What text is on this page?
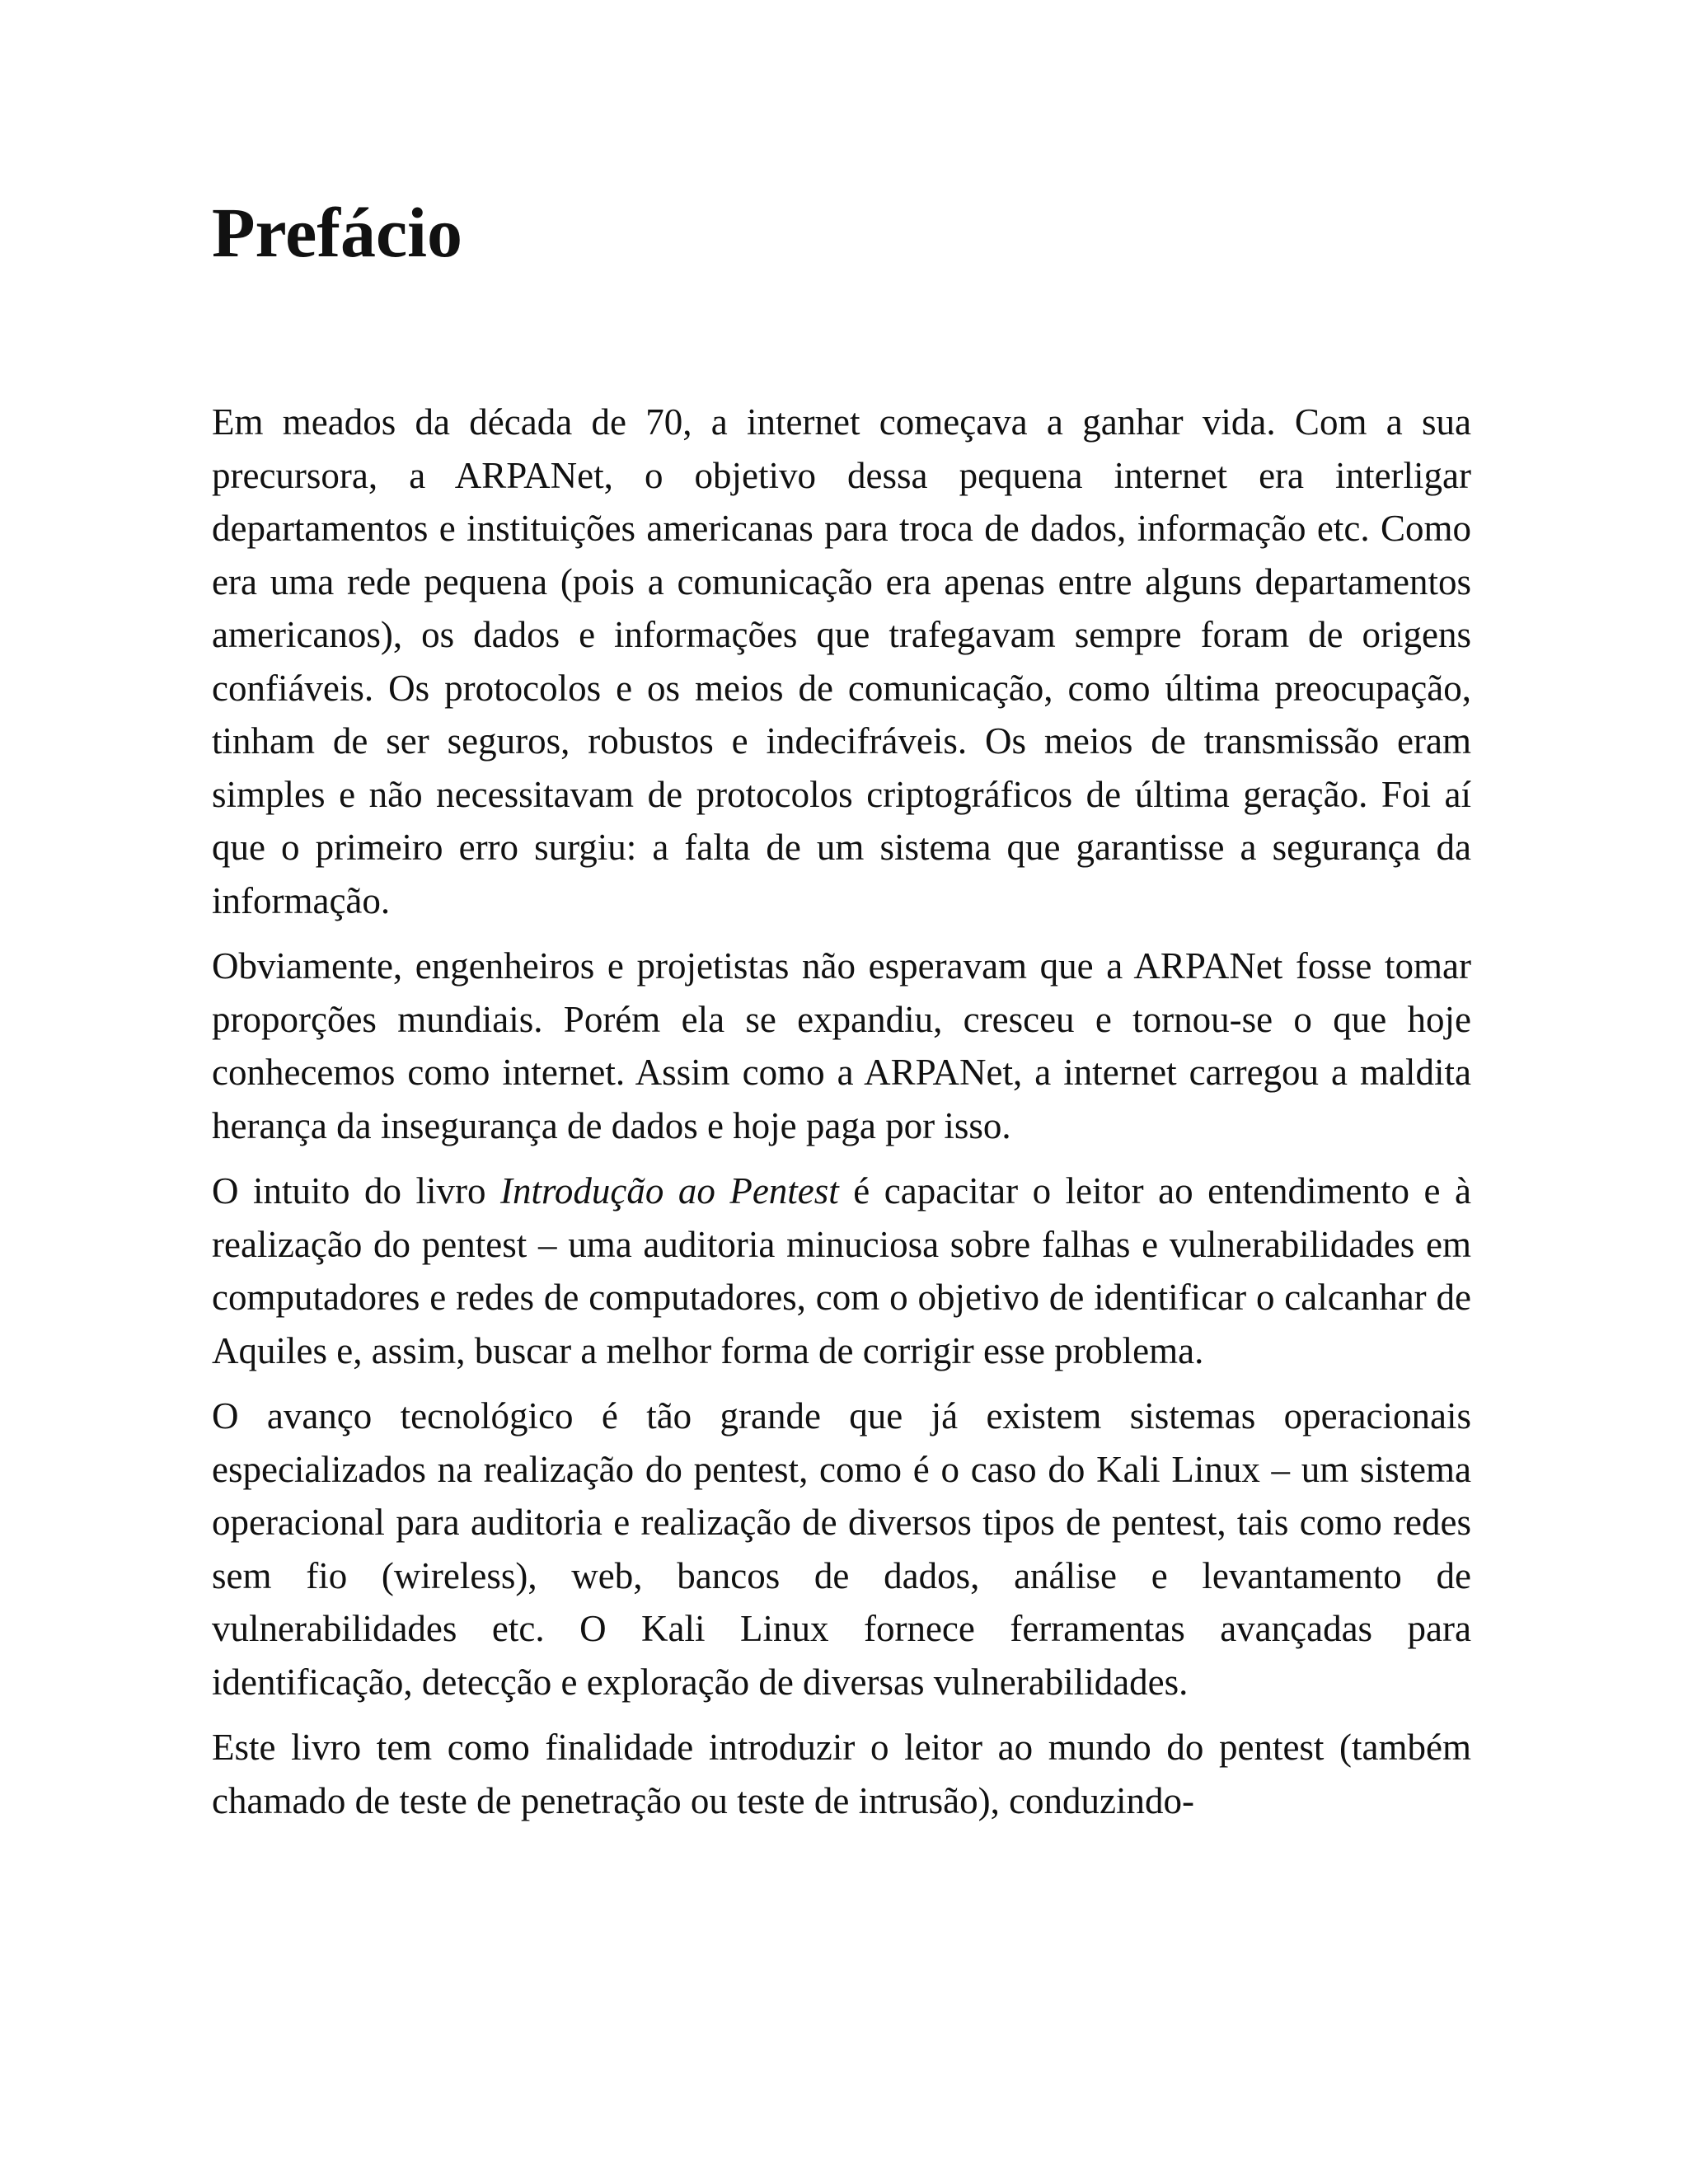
Prefácio

Em meados da década de 70, a internet começava a ganhar vida. Com a sua precursora, a ARPANet, o objetivo dessa pequena internet era interligar departamentos e instituições americanas para troca de dados, informação etc. Como era uma rede pequena (pois a comunicação era apenas entre alguns departamentos americanos), os dados e informações que trafegavam sempre foram de origens confiáveis. Os protocolos e os meios de comunicação, como última preocupação, tinham de ser seguros, robustos e indecifráveis. Os meios de transmissão eram simples e não necessitavam de protocolos criptográficos de última geração. Foi aí que o primeiro erro surgiu: a falta de um sistema que garantisse a segurança da informação.

Obviamente, engenheiros e projetistas não esperavam que a ARPANet fosse tomar proporções mundiais. Porém ela se expandiu, cresceu e tornou-se o que hoje conhecemos como internet. Assim como a ARPANet, a internet carregou a maldita herança da insegurança de dados e hoje paga por isso.

O intuito do livro Introdução ao Pentest é capacitar o leitor ao entendimento e à realização do pentest – uma auditoria minuciosa sobre falhas e vulnerabilidades em computadores e redes de computadores, com o objetivo de identificar o calcanhar de Aquiles e, assim, buscar a melhor forma de corrigir esse problema.

O avanço tecnológico é tão grande que já existem sistemas operacionais especializados na realização do pentest, como é o caso do Kali Linux – um sistema operacional para auditoria e realização de diversos tipos de pentest, tais como redes sem fio (wireless), web, bancos de dados, análise e levantamento de vulnerabilidades etc. O Kali Linux fornece ferramentas avançadas para identificação, detecção e exploração de diversas vulnerabilidades.

Este livro tem como finalidade introduzir o leitor ao mundo do pentest (também chamado de teste de penetração ou teste de intrusão), conduzindo-
